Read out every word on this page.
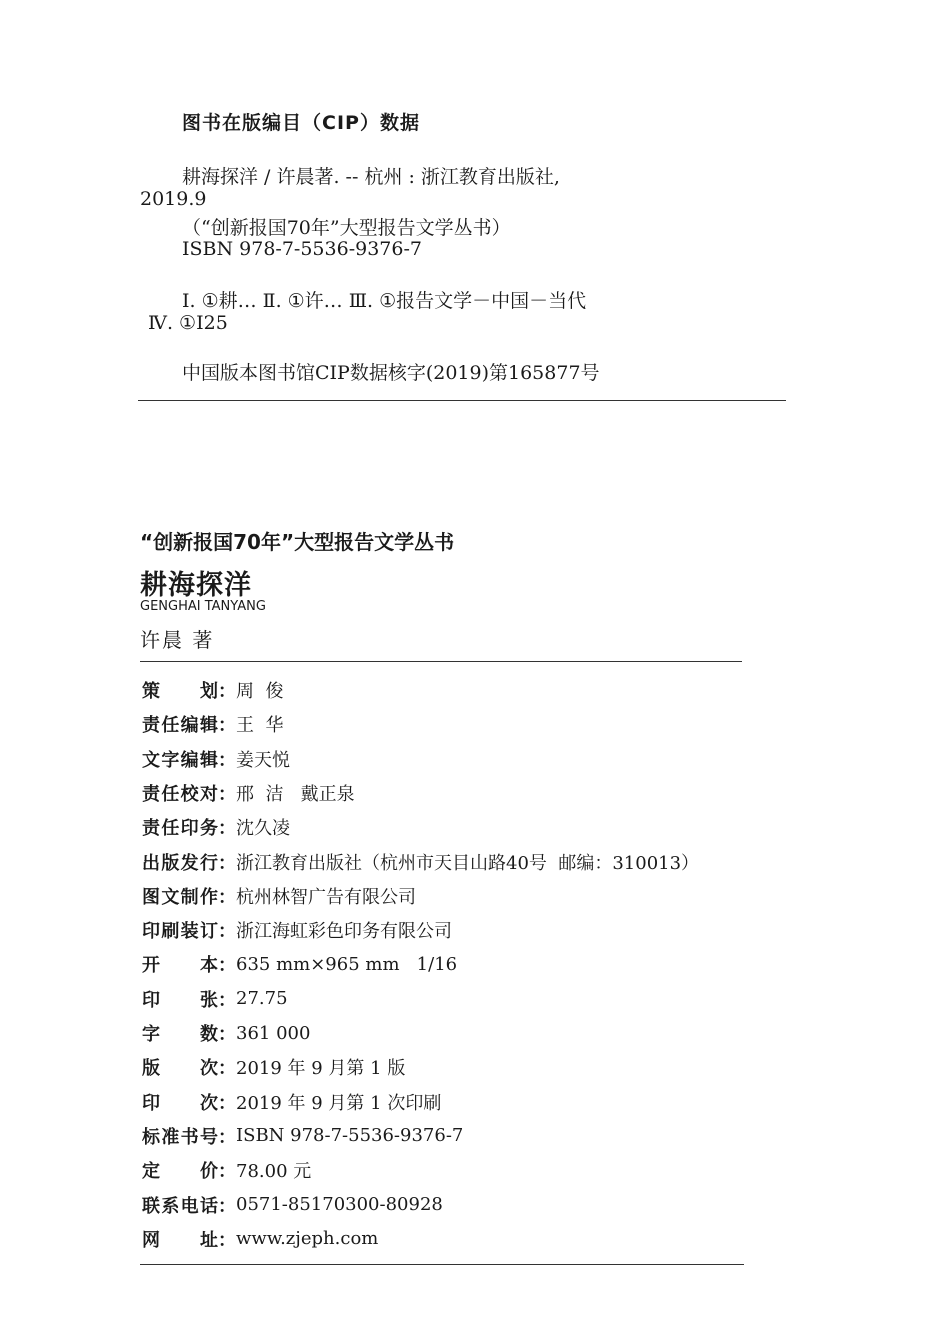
图书在版编目（CIP）数据
耕海探洋 / 许晨著. -- 杭州 : 浙江教育出版社,
2019.9
（“创新报国70年”大型报告文学丛书）
ISBN 978-7-5536-9376-7
Ⅰ. ①耕… Ⅱ. ①许… Ⅲ. ①报告文学－中国－当代
Ⅳ. ①I25
中国版本图书馆CIP数据核字(2019)第165877号
“创新报国70年”大型报告文学丛书
耕海探洋
GENGHAI TANYANG
许晨 著
策划 ： 周  俊
责任编辑 ： 王  华
文字编辑 ： 姜天悦
责任校对 ： 邢  洁   戴正泉
责任印务 ： 沈久凌
出版发行 ： 浙江教育出版社（杭州市天目山路40号  邮编：310013）
图文制作 ： 杭州林智广告有限公司
印刷装订 ： 浙江海虹彩色印务有限公司
开本 ： 635 mm×965 mm   1/16
印张 ： 27.75
字数 ： 361 000
版次 ： 2019 年 9 月第 1 版
印次 ： 2019 年 9 月第 1 次印刷
标准书号 ： ISBN 978-7-5536-9376-7
定价 ： 78.00 元
联系电话 ： 0571-85170300-80928
网址 ： www.zjeph.com
